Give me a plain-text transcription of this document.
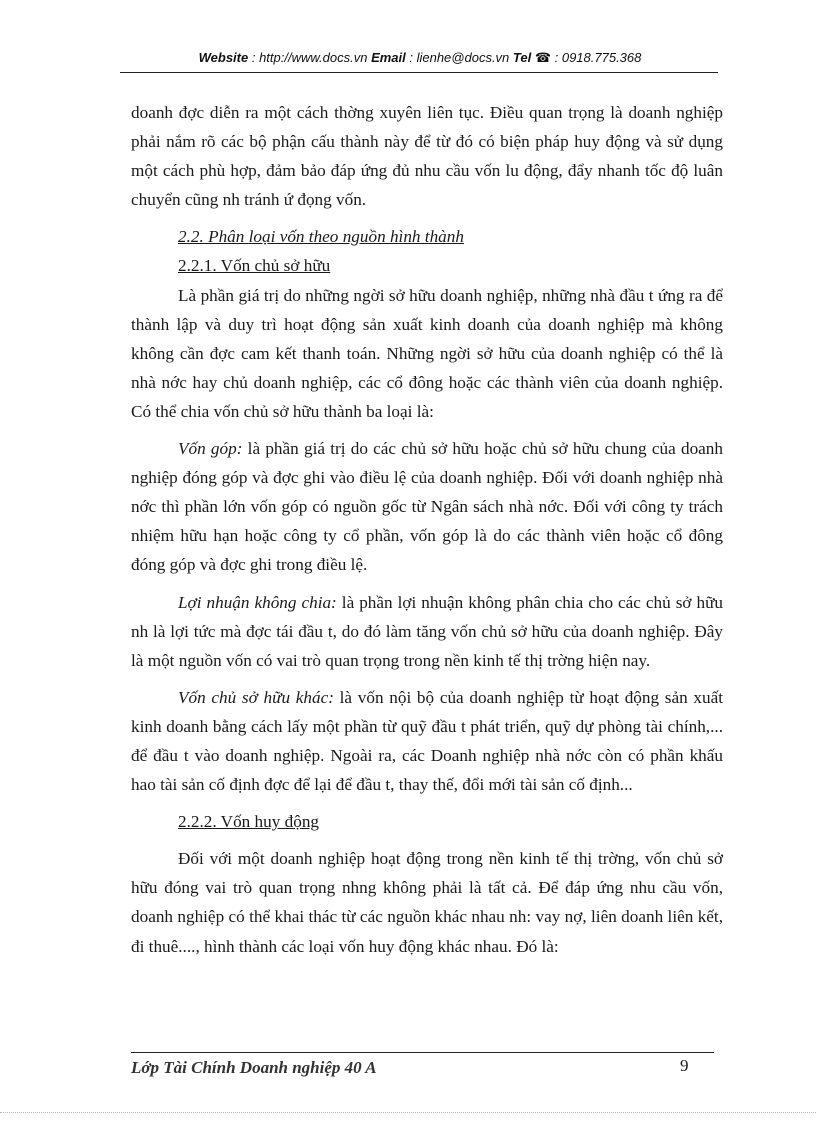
Website : http://www.docs.vn Email : lienhe@docs.vn Tel ☎ : 0918.775.368

doanh đợc diễn ra một cách thờng xuyên liên tục. Điều quan trọng là doanh nghiệp phải nắm rõ các bộ phận cấu thành này để từ đó có biện pháp huy động và sử dụng một cách phù hợp, đảm bảo đáp ứng đủ nhu cầu vốn lu động, đẩy nhanh tốc độ luân chuyển cũng nh tránh ứ đọng vốn.

2.2. Phân loại vốn theo nguồn hình thành
2.2.1. Vốn chủ sở hữu

Là phần giá trị do những ngời sở hữu doanh nghiệp, những nhà đầu t ứng ra để thành lập và duy trì hoạt động sản xuất kinh doanh của doanh nghiệp mà không không cần đợc cam kết thanh toán. Những ngời sở hữu của doanh nghiệp có thể là nhà nớc hay chủ doanh nghiệp, các cổ đông hoặc các thành viên của doanh nghiệp. Có thể chia vốn chủ sở hữu thành ba loại là:

Vốn góp: là phần giá trị do các chủ sở hữu hoặc chủ sở hữu chung của doanh nghiệp đóng góp và đợc ghi vào điều lệ của doanh nghiệp. Đối với doanh nghiệp nhà nớc thì phần lớn vốn góp có nguồn gốc từ Ngân sách nhà nớc. Đối với công ty trách nhiệm hữu hạn hoặc công ty cổ phần, vốn góp là do các thành viên hoặc cổ đông đóng góp và đợc ghi trong điều lệ.

Lợi nhuận không chia: là phần lợi nhuận không phân chia cho các chủ sở hữu nh là lợi tức mà đợc tái đầu t, do đó làm tăng vốn chủ sở hữu của doanh nghiệp. Đây là một nguồn vốn có vai trò quan trọng trong nền kinh tế thị trờng hiện nay.

Vốn chủ sở hữu khác: là vốn nội bộ của doanh nghiệp từ hoạt động sản xuất kinh doanh bằng cách lấy một phần từ quỹ đầu t phát triển, quỹ dự phòng tài chính,... để đầu t vào doanh nghiệp. Ngoài ra, các Doanh nghiệp nhà nớc còn có phần khấu hao tài sản cố định đợc để lại để đầu t, thay thế, đổi mới tài sản cố định...

2.2.2. Vốn huy động

Đối với một doanh nghiệp hoạt động trong nền kinh tế thị trờng, vốn chủ sở hữu đóng vai trò quan trọng nhng không phải là tất cả. Để đáp ứng nhu cầu vốn, doanh nghiệp có thể khai thác từ các nguồn khác nhau nh: vay nợ, liên doanh liên kết, đi thuê...., hình thành các loại vốn huy động khác nhau. Đó là:

Lớp Tài Chính Doanh nghiệp 40 A	9
